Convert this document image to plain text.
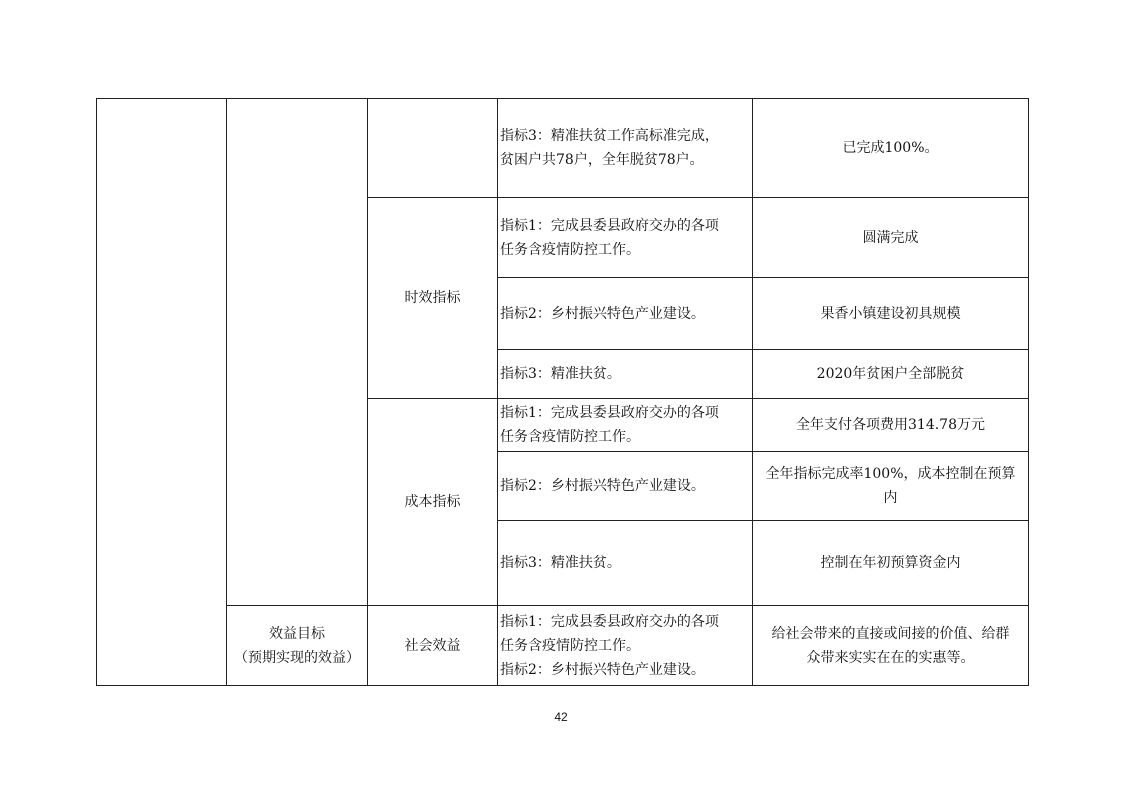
			指标3：精准扶贫工作高标准完成，
贫困户共78户，全年脱贫78户。	已完成100%。

		时效指标	指标1：完成县委县政府交办的各项
任务含疫情防控工作。	圆满完成

			指标2：乡村振兴特色产业建设。	果香小镇建设初具规模

			指标3：精准扶贫。	2020年贫困户全部脱贫

		成本指标	指标1：完成县委县政府交办的各项
任务含疫情防控工作。	全年支付各项费用314.78万元

			指标2：乡村振兴特色产业建设。	全年指标完成率100%，成本控制在预算
内

			指标3：精准扶贫。	控制在年初预算资金内

	效益目标
（预期实现的效益）	社会效益	指标1：完成县委县政府交办的各项
任务含疫情防控工作。
指标2：乡村振兴特色产业建设。	给社会带来的直接或间接的价值、给群
众带来实实在在的实惠等。
42
